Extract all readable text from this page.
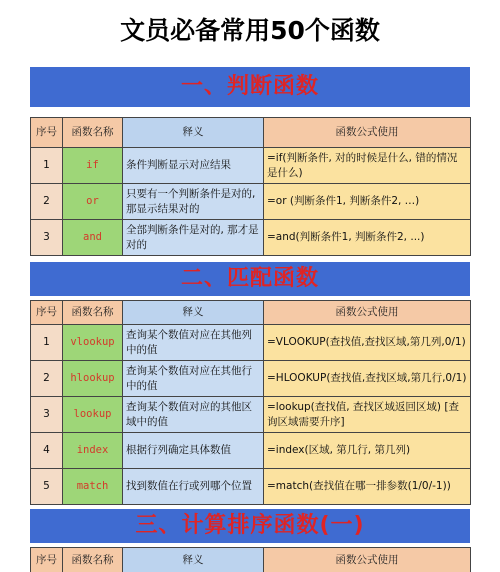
文员必备常用50个函数
一、判断函数
序号	函数名称	释义	函数公式使用
1	if	条件判断显示对应结果	=if(判断条件, 对的时候是什么, 错的情况是什么)
2	or	只要有一个判断条件是对的, 那显示结果对的	=or (判断条件1, 判断条件2, …)
3	and	全部判断条件是对的, 那才是对的	=and(判断条件1, 判断条件2, ...)
二、匹配函数
序号	函数名称	释义	函数公式使用
1	vlookup	查询某个数值对应在其他列中的值	=VLOOKUP(查找值,查找区域,第几列,0/1)
2	hlookup	查询某个数值对应在其他行中的值	=HLOOKUP(查找值,查找区域,第几行,0/1)
3	lookup	查询某个数值对应的其他区域中的值	=lookup(查找值, 查找区域返回区域) [查询区域需要升序]
4	index	根据行列确定具体数值	=index(区域, 第几行, 第几列)
5	match	找到数值在行或列哪个位置	=match(查找值在哪一排参数(1/0/-1))
三、计算排序函数(一)
序号	函数名称	释义	函数公式使用
